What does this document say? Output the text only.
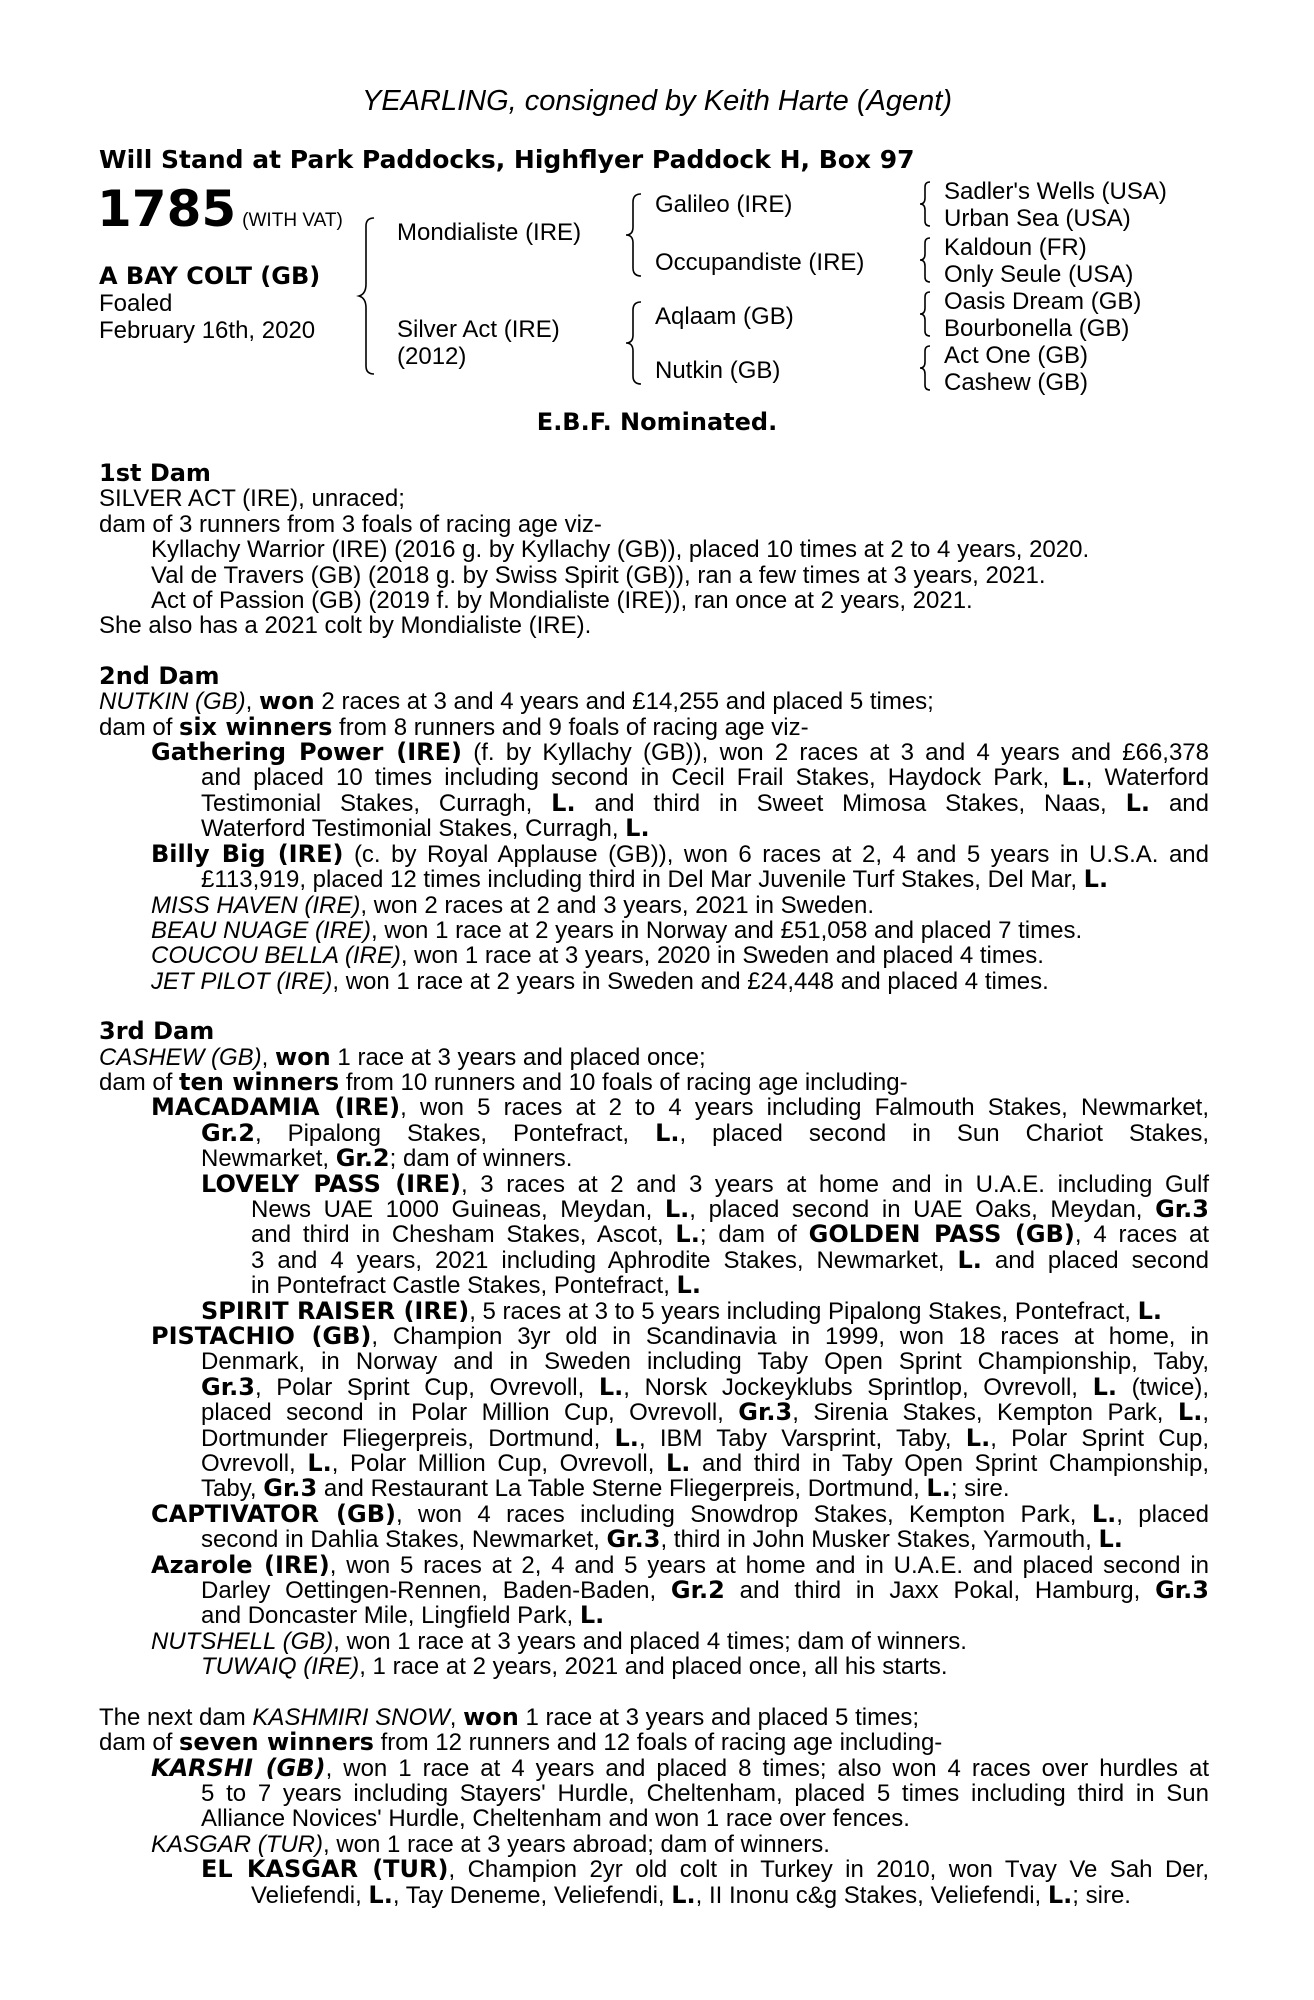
YEARLING, consigned by Keith Harte (Agent)
Will Stand at Park Paddocks, Highflyer Paddock H, Box 97
1785 (WITH VAT)
A BAY COLT (GB)
Foaled
February 16th, 2020
Mondialiste (IRE)
Silver Act (IRE)
(2012)
Galileo (IRE)
Occupandiste (IRE)
Aqlaam (GB)
Nutkin (GB)
Sadler's Wells (USA)
Urban Sea (USA)
Kaldoun (FR)
Only Seule (USA)
Oasis Dream (GB)
Bourbonella (GB)
Act One (GB)
Cashew (GB)
E.B.F. Nominated.
1st Dam
SILVER ACT (IRE), unraced;
dam of 3 runners from 3 foals of racing age viz-
Kyllachy Warrior (IRE) (2016 g. by Kyllachy (GB)), placed 10 times at 2 to 4 years, 2020.
Val de Travers (GB) (2018 g. by Swiss Spirit (GB)), ran a few times at 3 years, 2021.
Act of Passion (GB) (2019 f. by Mondialiste (IRE)), ran once at 2 years, 2021.
She also has a 2021 colt by Mondialiste (IRE).
2nd Dam
NUTKIN (GB), won 2 races at 3 and 4 years and £14,255 and placed 5 times;
dam of six winners from 8 runners and 9 foals of racing age viz-
Gathering Power (IRE) (f. by Kyllachy (GB)), won 2 races at 3 and 4 years and £66,378
and placed 10 times including second in Cecil Frail Stakes, Haydock Park, L., Waterford
Testimonial Stakes, Curragh, L. and third in Sweet Mimosa Stakes, Naas, L. and
Waterford Testimonial Stakes, Curragh, L.
Billy Big (IRE) (c. by Royal Applause (GB)), won 6 races at 2, 4 and 5 years in U.S.A. and
£113,919, placed 12 times including third in Del Mar Juvenile Turf Stakes, Del Mar, L.
MISS HAVEN (IRE), won 2 races at 2 and 3 years, 2021 in Sweden.
BEAU NUAGE (IRE), won 1 race at 2 years in Norway and £51,058 and placed 7 times.
COUCOU BELLA (IRE), won 1 race at 3 years, 2020 in Sweden and placed 4 times.
JET PILOT (IRE), won 1 race at 2 years in Sweden and £24,448 and placed 4 times.
3rd Dam
CASHEW (GB), won 1 race at 3 years and placed once;
dam of ten winners from 10 runners and 10 foals of racing age including-
MACADAMIA (IRE), won 5 races at 2 to 4 years including Falmouth Stakes, Newmarket,
Gr.2, Pipalong Stakes, Pontefract, L., placed second in Sun Chariot Stakes,
Newmarket, Gr.2; dam of winners.
LOVELY PASS (IRE), 3 races at 2 and 3 years at home and in U.A.E. including Gulf
News UAE 1000 Guineas, Meydan, L., placed second in UAE Oaks, Meydan, Gr.3
and third in Chesham Stakes, Ascot, L.; dam of GOLDEN PASS (GB), 4 races at
3 and 4 years, 2021 including Aphrodite Stakes, Newmarket, L. and placed second
in Pontefract Castle Stakes, Pontefract, L.
SPIRIT RAISER (IRE), 5 races at 3 to 5 years including Pipalong Stakes, Pontefract, L.
PISTACHIO (GB), Champion 3yr old in Scandinavia in 1999, won 18 races at home, in
Denmark, in Norway and in Sweden including Taby Open Sprint Championship, Taby,
Gr.3, Polar Sprint Cup, Ovrevoll, L., Norsk Jockeyklubs Sprintlop, Ovrevoll, L. (twice),
placed second in Polar Million Cup, Ovrevoll, Gr.3, Sirenia Stakes, Kempton Park, L.,
Dortmunder Fliegerpreis, Dortmund, L., IBM Taby Varsprint, Taby, L., Polar Sprint Cup,
Ovrevoll, L., Polar Million Cup, Ovrevoll, L. and third in Taby Open Sprint Championship,
Taby, Gr.3 and Restaurant La Table Sterne Fliegerpreis, Dortmund, L.; sire.
CAPTIVATOR (GB), won 4 races including Snowdrop Stakes, Kempton Park, L., placed
second in Dahlia Stakes, Newmarket, Gr.3, third in John Musker Stakes, Yarmouth, L.
Azarole (IRE), won 5 races at 2, 4 and 5 years at home and in U.A.E. and placed second in
Darley Oettingen-Rennen, Baden-Baden, Gr.2 and third in Jaxx Pokal, Hamburg, Gr.3
and Doncaster Mile, Lingfield Park, L.
NUTSHELL (GB), won 1 race at 3 years and placed 4 times; dam of winners.
TUWAIQ (IRE), 1 race at 2 years, 2021 and placed once, all his starts.
The next dam KASHMIRI SNOW, won 1 race at 3 years and placed 5 times;
dam of seven winners from 12 runners and 12 foals of racing age including-
KARSHI (GB), won 1 race at 4 years and placed 8 times; also won 4 races over hurdles at
5 to 7 years including Stayers' Hurdle, Cheltenham, placed 5 times including third in Sun
Alliance Novices' Hurdle, Cheltenham and won 1 race over fences.
KASGAR (TUR), won 1 race at 3 years abroad; dam of winners.
EL KASGAR (TUR), Champion 2yr old colt in Turkey in 2010, won Tvay Ve Sah Der,
Veliefendi, L., Tay Deneme, Veliefendi, L., II Inonu c&g Stakes, Veliefendi, L.; sire.
